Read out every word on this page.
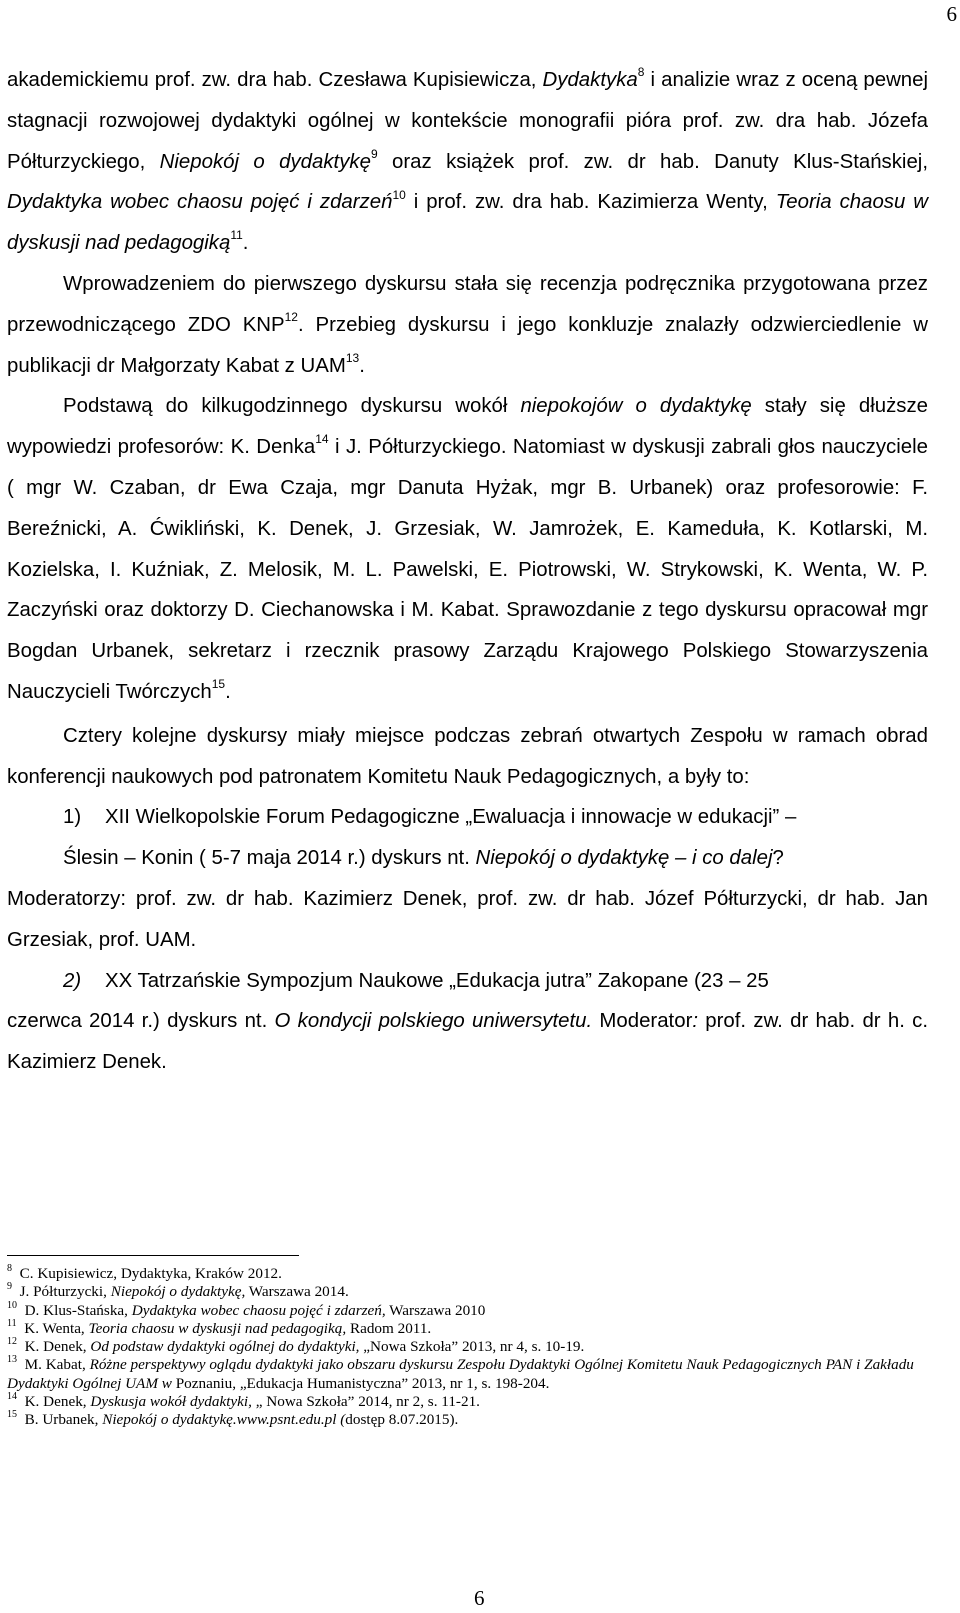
6

akademickiemu prof. zw. dra hab. Czesława Kupisiewicza, Dydaktyka$^8$ i analizie wraz z oceną pewnej stagnacji rozwojowej dydaktyki ogólnej w kontekście monografii pióra prof. zw. dra hab. Józefa Półturzyckiego, Niepokój o dydaktykę$^9$ oraz książek prof. zw. dr hab. Danuty Klus-Stańskiej, Dydaktyka wobec chaosu pojęć i zdarzeń$^{10}$ i prof. zw. dra hab. Kazimierza Wenty, Teoria chaosu w dyskusji nad pedagogiką$^{11}$.

Wprowadzeniem do pierwszego dyskursu stała się recenzja podręcznika przygotowana przez przewodniczącego ZDO KNP$^{12}$. Przebieg dyskursu i jego konkluzje znalazły odzwierciedlenie w publikacji dr Małgorzaty Kabat z UAM$^{13}$.

Podstawą do kilkugodzinnego dyskursu wokół niepokojów o dydaktykę stały się dłuższe wypowiedzi profesorów: K. Denka$^{14}$ i J. Półturzyckiego. Natomiast w dyskusji zabrali głos nauczyciele ( mgr W. Czaban, dr Ewa Czaja, mgr Danuta Hyżak, mgr B. Urbanek) oraz profesorowie: F. Bereźnicki, A. Ćwikliński, K. Denek, J. Grzesiak, W. Jamrożek, E. Kameduła, K. Kotlarski, M. Kozielska, I. Kuźniak, Z. Melosik, M. L. Pawelski, E. Piotrowski, W. Strykowski, K. Wenta, W. P. Zaczyński oraz doktorzy D. Ciechanowska i M. Kabat. Sprawozdanie z tego dyskursu opracował mgr Bogdan Urbanek, sekretarz i rzecznik prasowy Zarządu Krajowego Polskiego Stowarzyszenia Nauczycieli Twórczych$^{15}$.

Cztery kolejne dyskursy miały miejsce podczas zebrań otwartych Zespołu w ramach obrad konferencji naukowych pod patronatem Komitetu Nauk Pedagogicznych, a były to:

1) XII Wielkopolskie Forum Pedagogiczne „Ewaluacja i innowacje w edukacji” –

Ślesin – Konin ( 5-7 maja 2014 r.) dyskurs nt. Niepokój o dydaktykę – i co dalej?

Moderatorzy: prof. zw. dr hab. Kazimierz Denek, prof. zw. dr hab. Józef Półturzycki, dr hab. Jan Grzesiak, prof. UAM.

2) XX Tatrzańskie Sympozjum Naukowe „Edukacja jutra” Zakopane (23 – 25

czerwca 2014 r.) dyskurs nt. O kondycji polskiego uniwersytetu. Moderator: prof. zw. dr hab. dr h. c. Kazimierz Denek.

$^8$ C. Kupisiewicz, Dydaktyka, Kraków 2012.

$^9$ J. Półturzycki, Niepokój o dydaktykę, Warszawa 2014.

$^{10}$ D. Klus-Stańska, Dydaktyka wobec chaosu pojęć i zdarzeń, Warszawa 2010

$^{11}$ K. Wenta, Teoria chaosu w dyskusji nad pedagogiką, Radom 2011.

$^{12}$ K. Denek, Od podstaw dydaktyki ogólnej do dydaktyki, „Nowa Szkoła” 2013, nr 4, s. 10-19.

$^{13}$ M. Kabat, Różne perspektywy oglądu dydaktyki jako obszaru dyskursu Zespołu Dydaktyki Ogólnej Komitetu Nauk Pedagogicznych PAN i Zakładu Dydaktyki Ogólnej UAM w Poznaniu, „Edukacja Humanistyczna” 2013, nr 1, s. 198-204.

$^{14}$ K. Denek, Dyskusja wokół dydaktyki, „ Nowa Szkoła” 2014, nr 2, s. 11-21.

$^{15}$ B. Urbanek, Niepokój o dydaktykę.www.psnt.edu.pl (dostęp 8.07.2015).

6
